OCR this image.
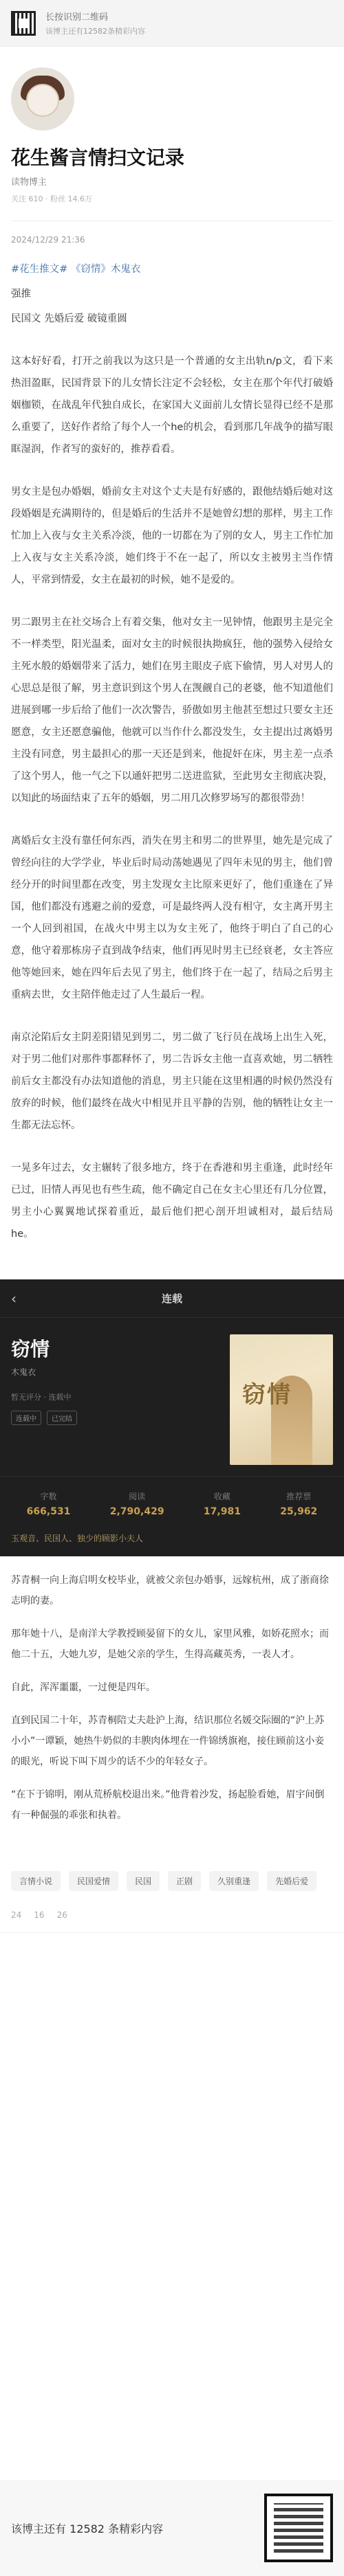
长按识别二维码
该博主还有12582条精彩内容
花生酱言情扫文记录
读物博主
关注 610 · 粉丝 14.6万
2024/12/29 21:36
#花生推文# 《窃情》木鬼衣
强推
民国文 先婚后爱 破镜重圆

这本好好看，打开之前我以为这只是一个普通的女主出轨n/p文，看下来热泪盈眶，民国背景下的儿女情长注定不会轻松，女主在那个年代打破婚姻枷锁，在战乱年代独自成长，在家国大义面前儿女情长显得已经不是那么重要了，送好作者给了每个人一个he的机会，看到那几年战争的描写眼眶湿润，作者写的蛮好的，推荐看看。

男女主是包办婚姻，婚前女主对这个丈夫是有好感的，跟他结婚后她对这段婚姻是充满期待的，但是婚后的生活并不是她曾幻想的那样，男主工作忙加上入夜与女主关系冷淡，他的一切都在为了别的女人，男主工作忙加上入夜与女主关系冷淡，她们终于不在一起了，所以女主被男主当作情人，平常到情爱，女主在最初的时候，她不是爱的。

男二跟男主在社交场合上有着交集，他对女主一见钟情，他跟男主是完全不一样类型，阳光温柔，面对女主的时候很执拗疯狂，他的强势入侵给女主死水般的婚姻带来了活力，她们在男主眼皮子底下偷情，男人对男人的心思总是很了解，男主意识到这个男人在觊觎自己的老婆，他不知道他们进展到哪一步后给了他们一次次警告，骄傲如男主他甚至想过只要女主还愿意，女主还愿意骗他，他就可以当作什么都没发生，女主提出过离婚男主没有同意，男主最担心的那一天还是到来，他捉奸在床，男主差一点杀了这个男人，他一气之下以通奸把男二送进监狱，至此男女主彻底决裂，以知此的场面结束了五年的婚姻，男二用几次修罗场写的都很带劲！

离婚后女主没有靠任何东西，消失在男主和男二的世界里，她先是完成了曾经向往的大学学业，毕业后时局动荡她遇见了四年未见的男主，他们曾经分开的时间里都在改变，男主发现女主比原来更好了，他们重逢在了异国，他们都没有逃避之前的爱意，可是最终两人没有相守，女主离开男主一个人回到祖国，在战火中男主以为女主死了，他终于明白了自己的心意，他守着那栋房子直到战争结束，他们再见时男主已经衰老，女主答应他等她回来，她在四年后去见了男主，他们终于在一起了，结局之后男主重病去世，女主陪伴他走过了人生最后一程。

南京沦陷后女主阴差阳错见到男二，男二做了飞行员在战场上出生入死，对于男二他们对那件事都释怀了，男二告诉女主他一直喜欢她，男二牺牲前后女主都没有办法知道他的消息，男主只能在这里相遇的时候仍然没有放弃的时候，他们最终在战火中相见并且平静的告别，他的牺牲让女主一生都无法忘怀。

一晃多年过去，女主辗转了很多地方，终于在香港和男主重逢，此时经年已过，旧情人再见也有些生疏，他不确定自己在女主心里还有几分位置，男主小心翼翼地试探着重近，最后他们把心剖开坦诚相对，最后结局 he。

‹	连载
窃情
木鬼衣
暂无评分 · 连载中
连载中	已完结
窃情
字数
666,531
阅读
2,790,429
收藏
17,981
推荐票
25,962
玉观音、民国人、独少的顾影小夫人

苏青桐一向上海启明女校毕业，就被父亲包办婚事，远嫁杭州，成了浙商徐志明的妻。

那年她十八，是南洋大学教授顾晏留下的女儿，家里风雅，如娇花照水；而他二十五，大她九岁，是她父亲的学生，生得高藏英秀，一表人才。

自此，浑浑噩噩，一过便是四年。

直到民国二十年，苏青桐陪丈夫赴沪上海，结识那位名媛交际圈的“沪上苏小小”一谭颖，她热牛奶似的丰腴肉体埋在一件锦绣旗袍，接住顾前这小妾的眼光，听说下叫下周少的话不少的年轻女子。

“在下于锦明，刚从荒桥航校退出来。”他背着沙发，扬起脸看她，眉宇间倒有一种倔强的乖张和执着。

言情小说	民国爱情	民国	正剧	久别重逢	先婚后爱
24 16 26
该博主还有 12582 条精彩内容
